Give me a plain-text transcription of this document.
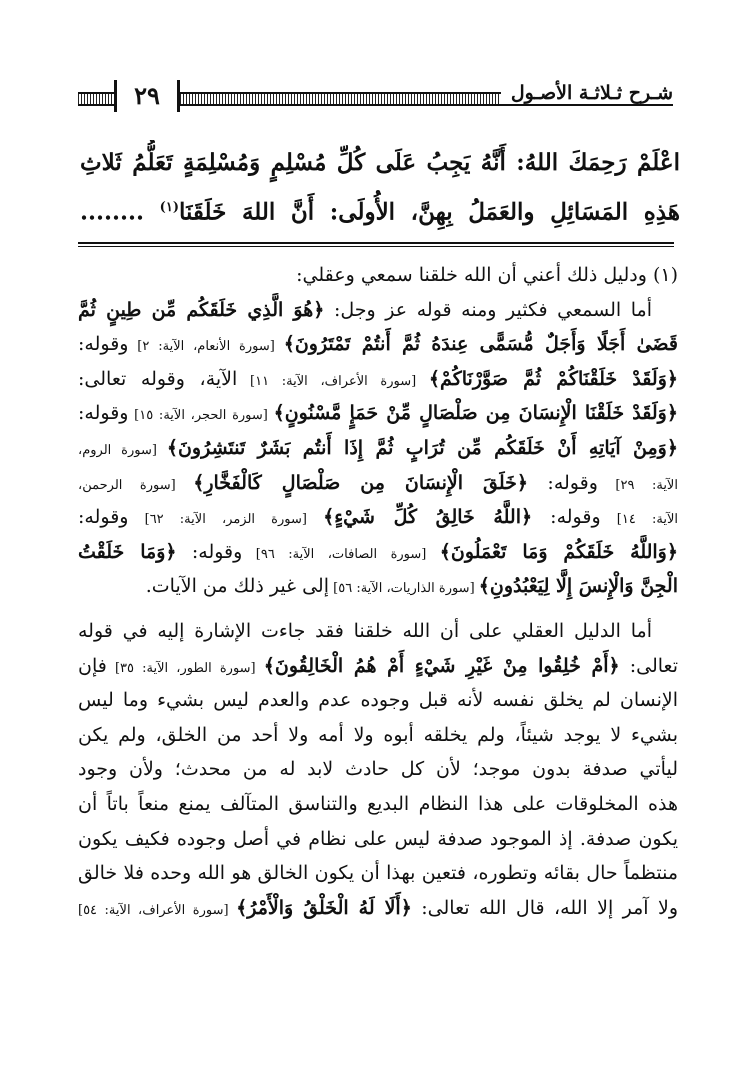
شـرح ثـلاثـة الأصـول
٢٩
اعْلَمْ رَحِمَكَ اللهُ: أَنَّهُ يَجِبُ عَلَى كُلِّ مُسْلِمٍ وَمُسْلِمَةٍ تَعَلُّمُ ثَلاثِ
هَذِهِ المَسَائِلِ والعَمَلُ بِهِنَّ، الأُولَى: أَنَّ اللهَ خَلَقَنَا$^{(١)}$ ........
(١) ودليل ذلك أعني أن الله خلقنا سمعي وعقلي:
أما السمعي فكثير ومنه قوله عز وجل: ﴿هُوَ الَّذِي خَلَقَكُم مِّن طِينٍ ثُمَّ
قَضَىٰ أَجَلًا وَأَجَلٌ مُّسَمًّى عِندَهُ ثُمَّ أَنتُمْ تَمْتَرُونَ﴾ [سورة الأنعام، الآية: ٢] وقوله:
﴿وَلَقَدْ خَلَقْنَاكُمْ ثُمَّ صَوَّرْنَاكُمْ﴾ [سورة الأعراف، الآية: ١١] الآية، وقوله تعالى:
﴿وَلَقَدْ خَلَقْنَا الْإِنسَانَ مِن صَلْصَالٍ مِّنْ حَمَإٍ مَّسْنُونٍ﴾ [سورة الحجر، الآية: ١٥] وقوله:
﴿وَمِنْ آيَاتِهِ أَنْ خَلَقَكُم مِّن تُرَابٍ ثُمَّ إِذَا أَنتُم بَشَرٌ تَنتَشِرُونَ﴾ [سورة الروم،
الآية: ٢٩] وقوله: ﴿خَلَقَ الْإِنسَانَ مِن صَلْصَالٍ كَالْفَخَّارِ﴾ [سورة الرحمن،
الآية: ١٤] وقوله: ﴿اللَّهُ خَالِقُ كُلِّ شَيْءٍ﴾ [سورة الزمر، الآية: ٦٢] وقوله:
﴿وَاللَّهُ خَلَقَكُمْ وَمَا تَعْمَلُونَ﴾ [سورة الصافات، الآية: ٩٦] وقوله: ﴿وَمَا خَلَقْتُ
الْجِنَّ وَالْإِنسَ إِلَّا لِيَعْبُدُونِ﴾ [سورة الذاريات، الآية: ٥٦] إلى غير ذلك من الآيات.
أما الدليل العقلي على أن الله خلقنا فقد جاءت الإشارة إليه في قوله
تعالى: ﴿أَمْ خُلِقُوا مِنْ غَيْرِ شَيْءٍ أَمْ هُمُ الْخَالِقُونَ﴾ [سورة الطور، الآية: ٣٥] فإن
الإنسان لم يخلق نفسه لأنه قبل وجوده عدم والعدم ليس بشيء وما ليس
بشيء لا يوجد شيئاً، ولم يخلقه أبوه ولا أمه ولا أحد من الخلق، ولم يكن
ليأتي صدفة بدون موجد؛ لأن كل حادث لابد له من محدث؛ ولأن وجود
هذه المخلوقات على هذا النظام البديع والتناسق المتآلف يمنع منعاً باتاً أن
يكون صدفة. إذ الموجود صدفة ليس على نظام في أصل وجوده فكيف يكون
منتظماً حال بقائه وتطوره، فتعين بهذا أن يكون الخالق هو الله وحده فلا خالق
ولا آمر إلا الله، قال الله تعالى: ﴿أَلَا لَهُ الْخَلْقُ وَالْأَمْرُ﴾ [سورة الأعراف، الآية: ٥٤]
